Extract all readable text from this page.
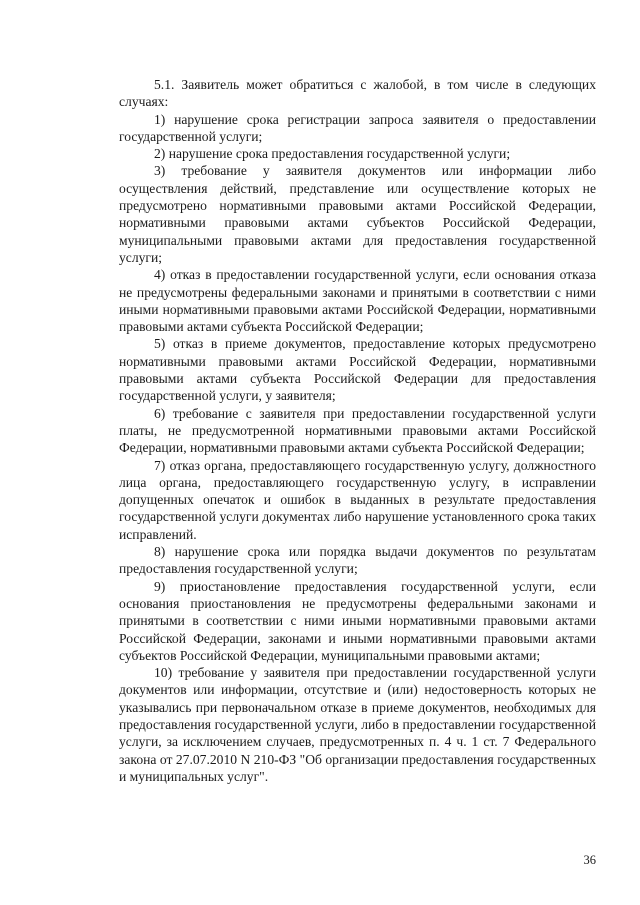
5.1. Заявитель может обратиться с жалобой, в том числе в следующих случаях:

1) нарушение срока регистрации запроса заявителя о предоставлении государственной услуги;

2) нарушение срока предоставления государственной услуги;

3) требование у заявителя документов или информации либо осуществления действий, представление или осуществление которых не предусмотрено нормативными правовыми актами Российской Федерации, нормативными правовыми актами субъектов Российской Федерации, муниципальными правовыми актами для предоставления государственной услуги;

4) отказ в предоставлении государственной услуги, если основания отказа не предусмотрены федеральными законами и принятыми в соответствии с ними иными нормативными правовыми актами Российской Федерации, нормативными правовыми актами субъекта Российской Федерации;

5) отказ в приеме документов, предоставление которых предусмотрено нормативными правовыми актами Российской Федерации, нормативными правовыми актами субъекта Российской Федерации для предоставления государственной услуги, у заявителя;

6) требование с заявителя при предоставлении государственной услуги платы, не предусмотренной нормативными правовыми актами Российской Федерации, нормативными правовыми актами субъекта Российской Федерации;

7) отказ органа, предоставляющего государственную услугу, должностного лица органа, предоставляющего государственную услугу, в исправлении допущенных опечаток и ошибок в выданных в результате предоставления государственной услуги документах либо нарушение установленного срока таких исправлений.

8) нарушение срока или порядка выдачи документов по результатам предоставления государственной услуги;

9) приостановление предоставления государственной услуги, если основания приостановления не предусмотрены федеральными законами и принятыми в соответствии с ними иными нормативными правовыми актами Российской Федерации, законами и иными нормативными правовыми актами субъектов Российской Федерации, муниципальными правовыми актами;

10) требование у заявителя при предоставлении государственной услуги документов или информации, отсутствие и (или) недостоверность которых не указывались при первоначальном отказе в приеме документов, необходимых для предоставления государственной услуги, либо в предоставлении государственной услуги, за исключением случаев, предусмотренных п. 4 ч. 1 ст. 7 Федерального закона от 27.07.2010 N 210-ФЗ "Об организации предоставления государственных и муниципальных услуг".

36
